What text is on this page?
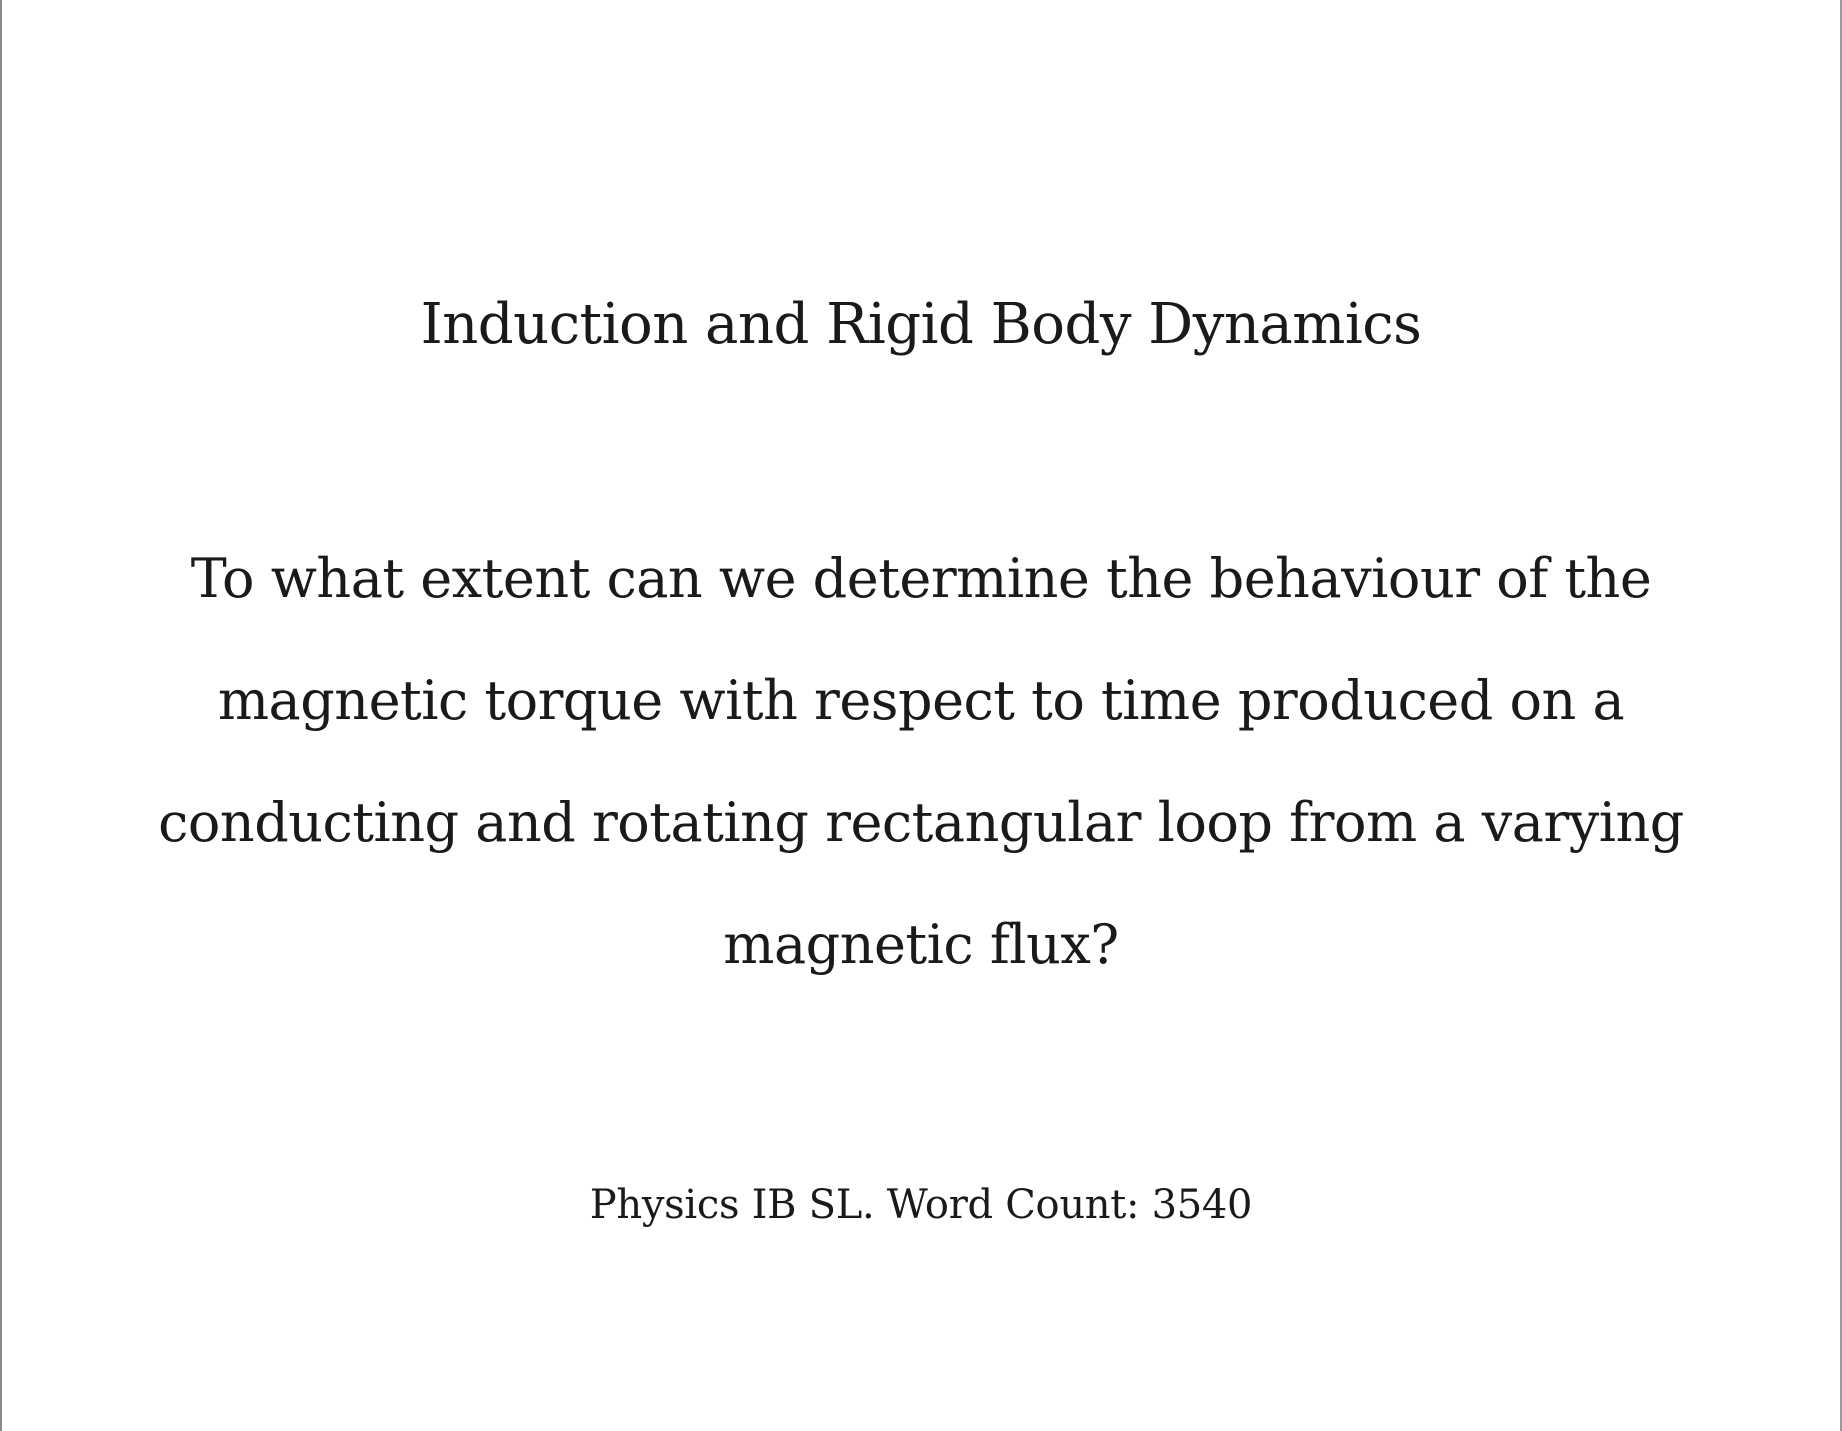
Induction and Rigid Body Dynamics
To what extent can we determine the behaviour of the
magnetic torque with respect to time produced on a
conducting and rotating rectangular loop from a varying
magnetic flux?
Physics IB SL. Word Count: 3540
